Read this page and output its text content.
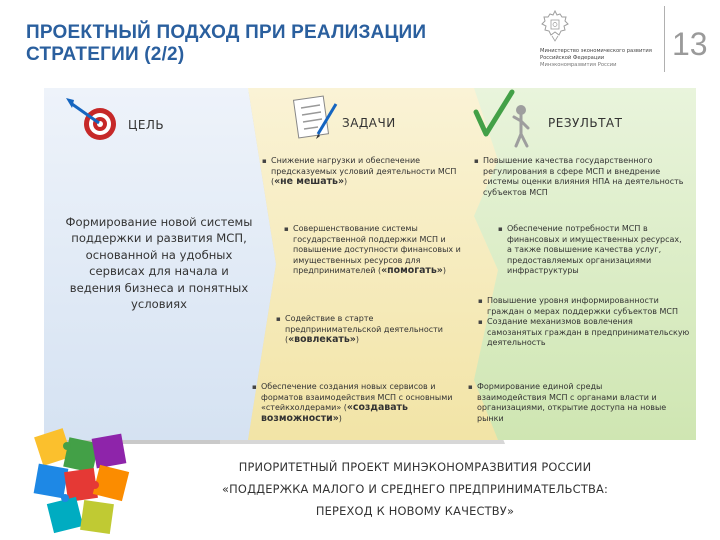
ПРОЕКТНЫЙ ПОДХОД ПРИ РЕАЛИЗАЦИИ
СТРАТЕГИИ (2/2)	Министерство экономического развития
Российской Федерации
Минэкономразвития России
13
ЦЕЛЬ	ЗАДАЧИ	РЕЗУЛЬТАТ
Формирование новой системы поддержки и развития МСП, основанной на удобных сервисах для начала и ведения бизнеса и понятных условиях
▪ Снижение нагрузки и обеспечение предсказуемых условий деятельности МСП («не мешать»)
▪ Совершенствование системы государственной поддержки МСП и повышение доступности финансовых и имущественных ресурсов для предпринимателей («помогать»)
▪ Содействие в старте предпринимательской деятельности («вовлекать»)
▪ Обеспечение создания новых сервисов и форматов взаимодействия МСП с основными «стейкхолдерами» («создавать возможности»)
▪ Повышение качества государственного регулирования в сфере МСП и внедрение системы оценки влияния НПА на деятельность субъектов МСП
▪ Обеспечение потребности МСП в финансовых и имущественных ресурсах, а также повышение качества услуг, предоставляемых организациями инфраструктуры
▪ Повышение уровня информированности граждан о мерах поддержки субъектов МСП
▪ Создание механизмов вовлечения самозанятых граждан в предпринимательскую деятельность
▪ Формирование единой среды взаимодействия МСП с органами власти и организациями, открытие доступа на новые рынки
ПРИОРИТЕТНЫЙ ПРОЕКТ МИНЭКОНОМРАЗВИТИЯ РОССИИ
«ПОДДЕРЖКА МАЛОГО И СРЕДНЕГО ПРЕДПРИНИМАТЕЛЬСТВА:
ПЕРЕХОД К НОВОМУ КАЧЕСТВУ»
